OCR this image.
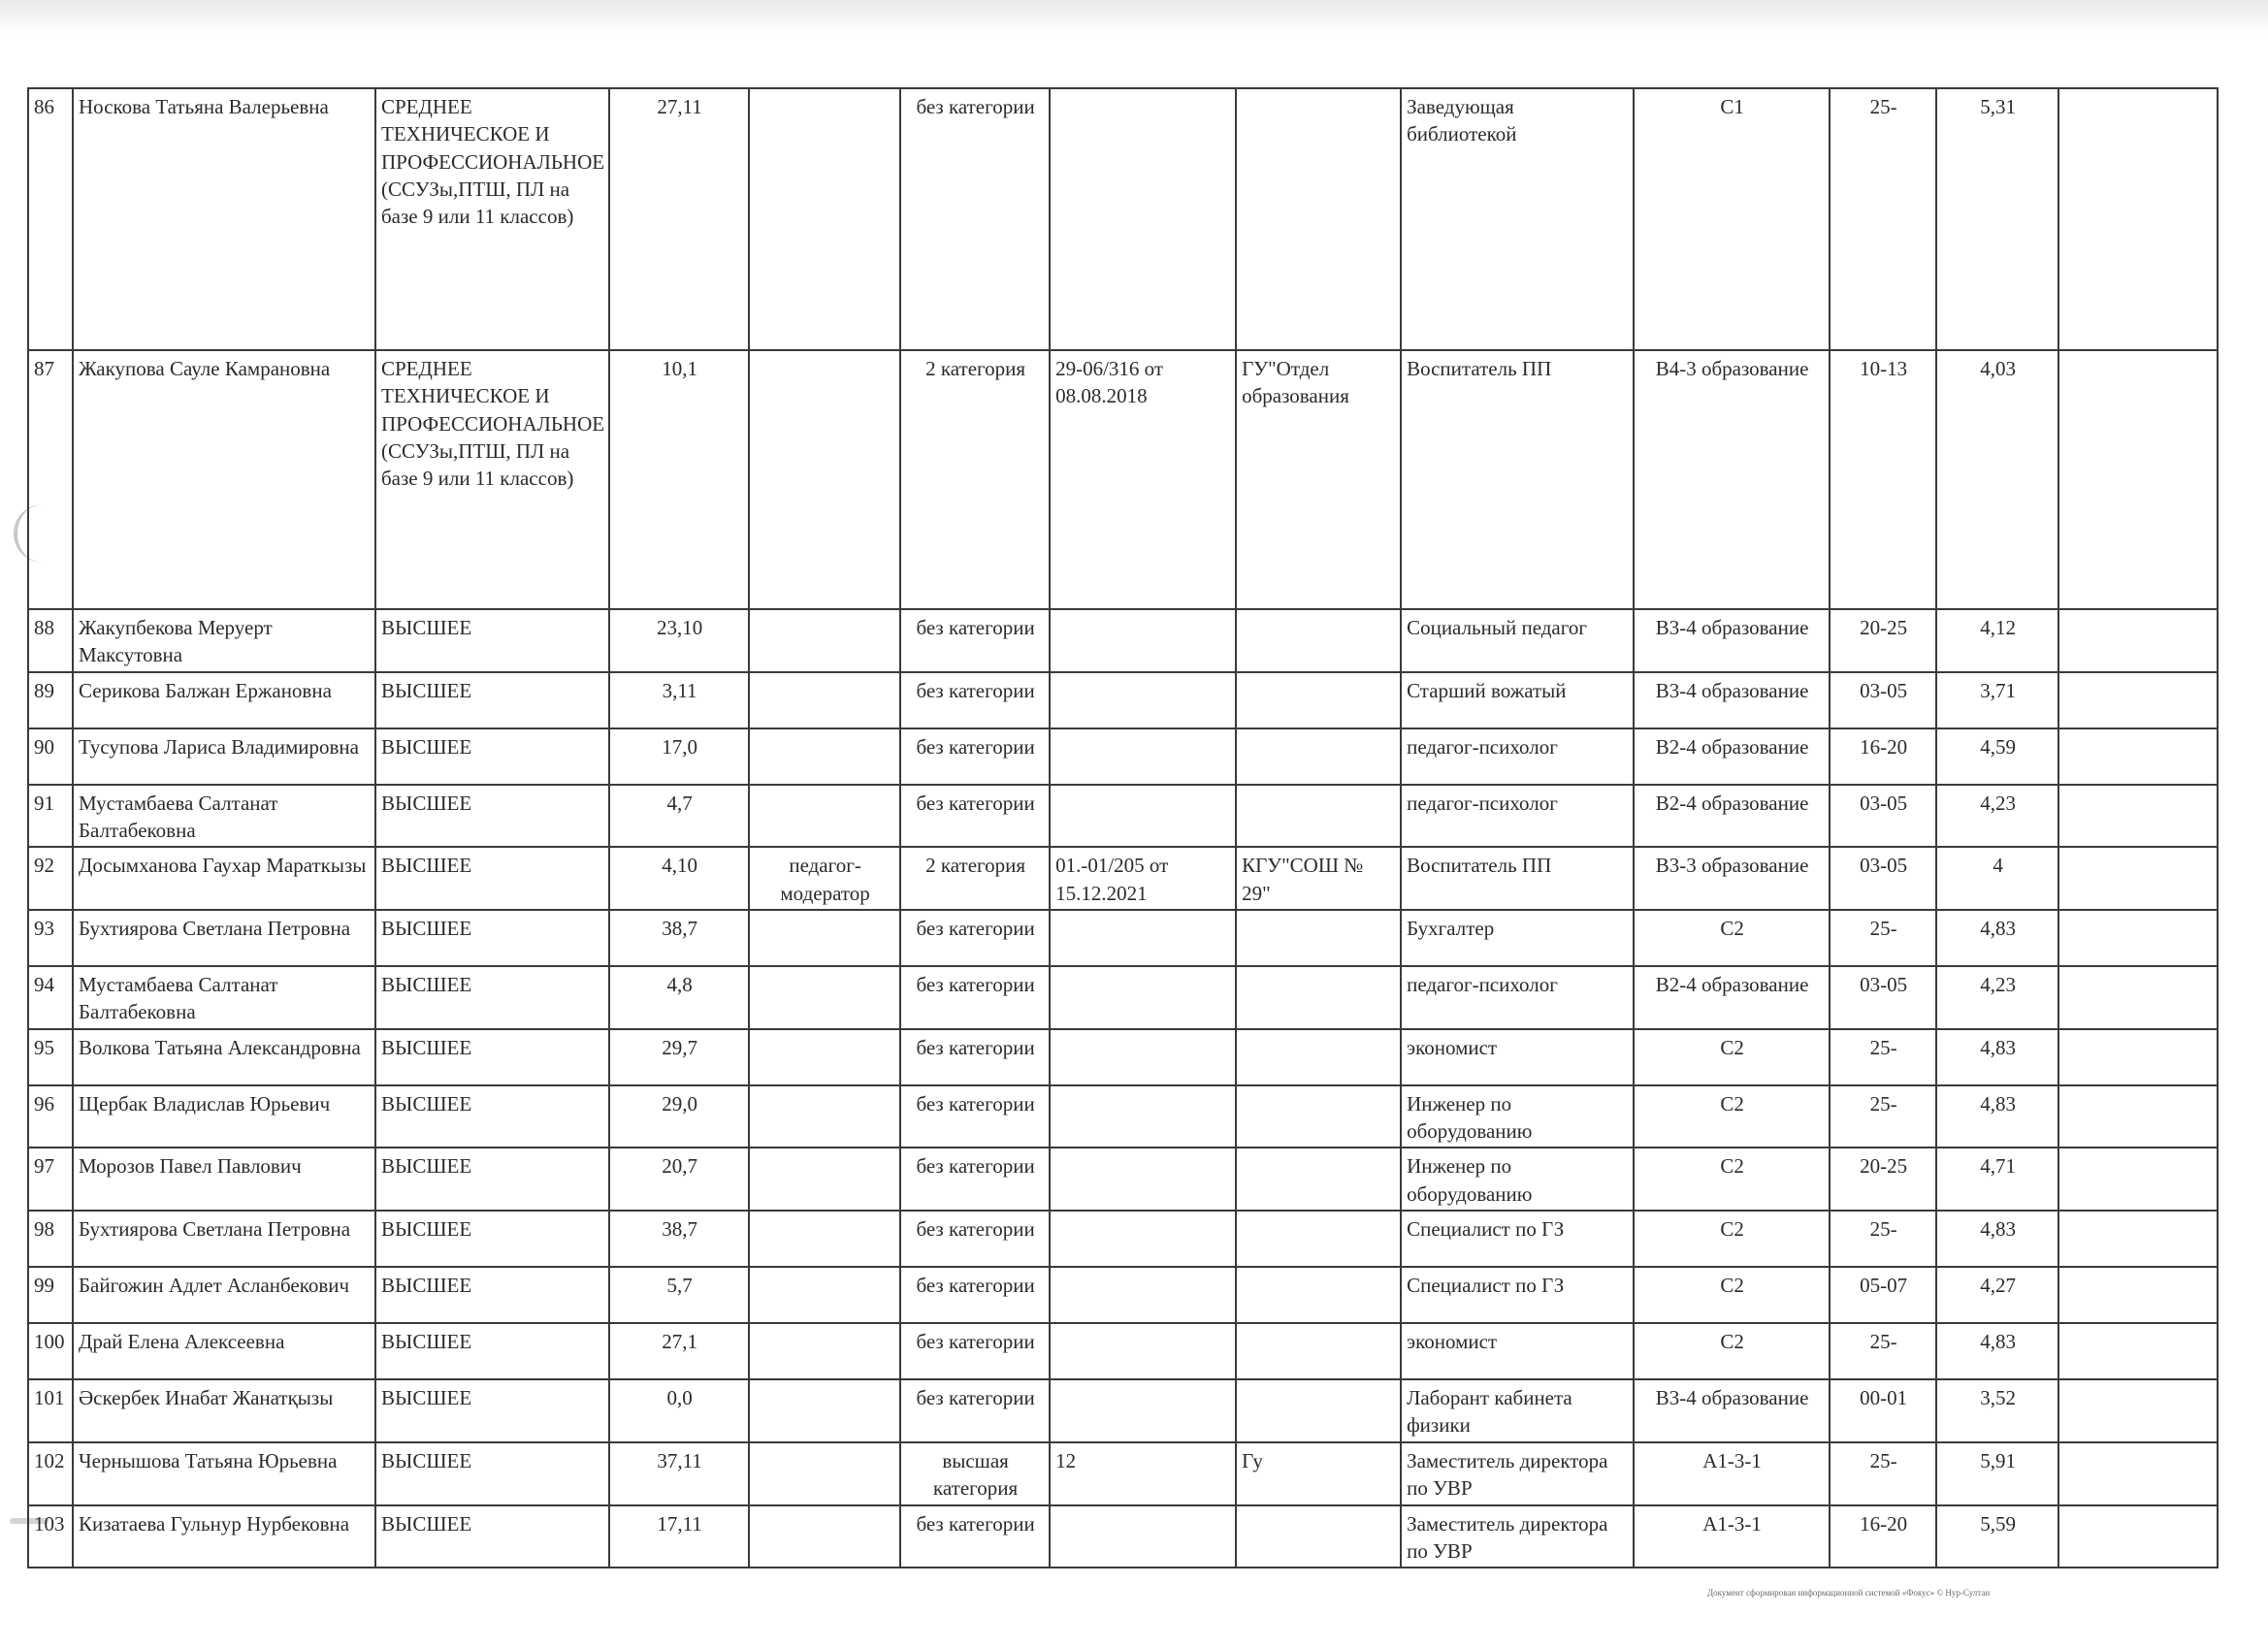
86	Носкова Татьяна Валерьевна	СРЕДНЕЕ ТЕХНИЧЕСКОЕ И ПРОФЕССИОНАЛЬНОЕ (ССУЗы,ПТШ, ПЛ на базе 9 или 11 классов)	27,11		без категории			Заведующая библиотекой	С1	25-	5,31	
87	Жакупова Сауле Камрановна	СРЕДНЕЕ ТЕХНИЧЕСКОЕ И ПРОФЕССИОНАЛЬНОЕ (ССУЗы,ПТШ, ПЛ на базе 9 или 11 классов)	10,1		2 категория	29-06/316 от 08.08.2018	ГУ"Отдел образования	Воспитатель ПП	В4-3 образование	10-13	4,03	
88	Жакупбекова Меруерт Максутовна	ВЫСШЕЕ	23,10		без категории			Социальный педагог	В3-4 образование	20-25	4,12	
89	Серикова Балжан Ержановна	ВЫСШЕЕ	3,11		без категории			Старший вожатый	В3-4 образование	03-05	3,71	
90	Тусупова Лариса Владимировна	ВЫСШЕЕ	17,0		без категории			педагог-психолог	В2-4 образование	16-20	4,59	
91	Мустамбаева Салтанат Балтабековна	ВЫСШЕЕ	4,7		без категории			педагог-психолог	В2-4 образование	03-05	4,23	
92	Досымханова Гаухар Мараткызы	ВЫСШЕЕ	4,10	педагог-модератор	2 категория	01.-01/205 от 15.12.2021	КГУ"СОШ № 29"	Воспитатель ПП	В3-3 образование	03-05	4	
93	Бухтиярова Светлана Петровна	ВЫСШЕЕ	38,7		без категории			Бухгалтер	С2	25-	4,83	
94	Мустамбаева Салтанат Балтабековна	ВЫСШЕЕ	4,8		без категории			педагог-психолог	В2-4 образование	03-05	4,23	
95	Волкова Татьяна Александровна	ВЫСШЕЕ	29,7		без категории			экономист	С2	25-	4,83	
96	Щербак Владислав Юрьевич	ВЫСШЕЕ	29,0		без категории			Инженер по оборудованию	С2	25-	4,83	
97	Морозов Павел Павлович	ВЫСШЕЕ	20,7		без категории			Инженер по оборудованию	С2	20-25	4,71	
98	Бухтиярова Светлана Петровна	ВЫСШЕЕ	38,7		без категории			Специалист по ГЗ	С2	25-	4,83	
99	Байгожин Адлет Асланбекович	ВЫСШЕЕ	5,7		без категории			Специалист по ГЗ	С2	05-07	4,27	
100	Драй Елена Алексеевна	ВЫСШЕЕ	27,1		без категории			экономист	С2	25-	4,83	
101	Әскербек Инабат Жанатқызы	ВЫСШЕЕ	0,0		без категории			Лаборант кабинета физики	В3-4 образование	00-01	3,52	
102	Чернышова Татьяна Юрьевна	ВЫСШЕЕ	37,11		высшая категория	12	Гу	Заместитель директора по УВР	А1-3-1	25-	5,91	
103	Кизатаева Гульнур Нурбековна	ВЫСШЕЕ	17,11		без категории			Заместитель директора по УВР	А1-3-1	16-20	5,59	
Документ сформирован информационной системой «Фокус» © Нур-Султан
